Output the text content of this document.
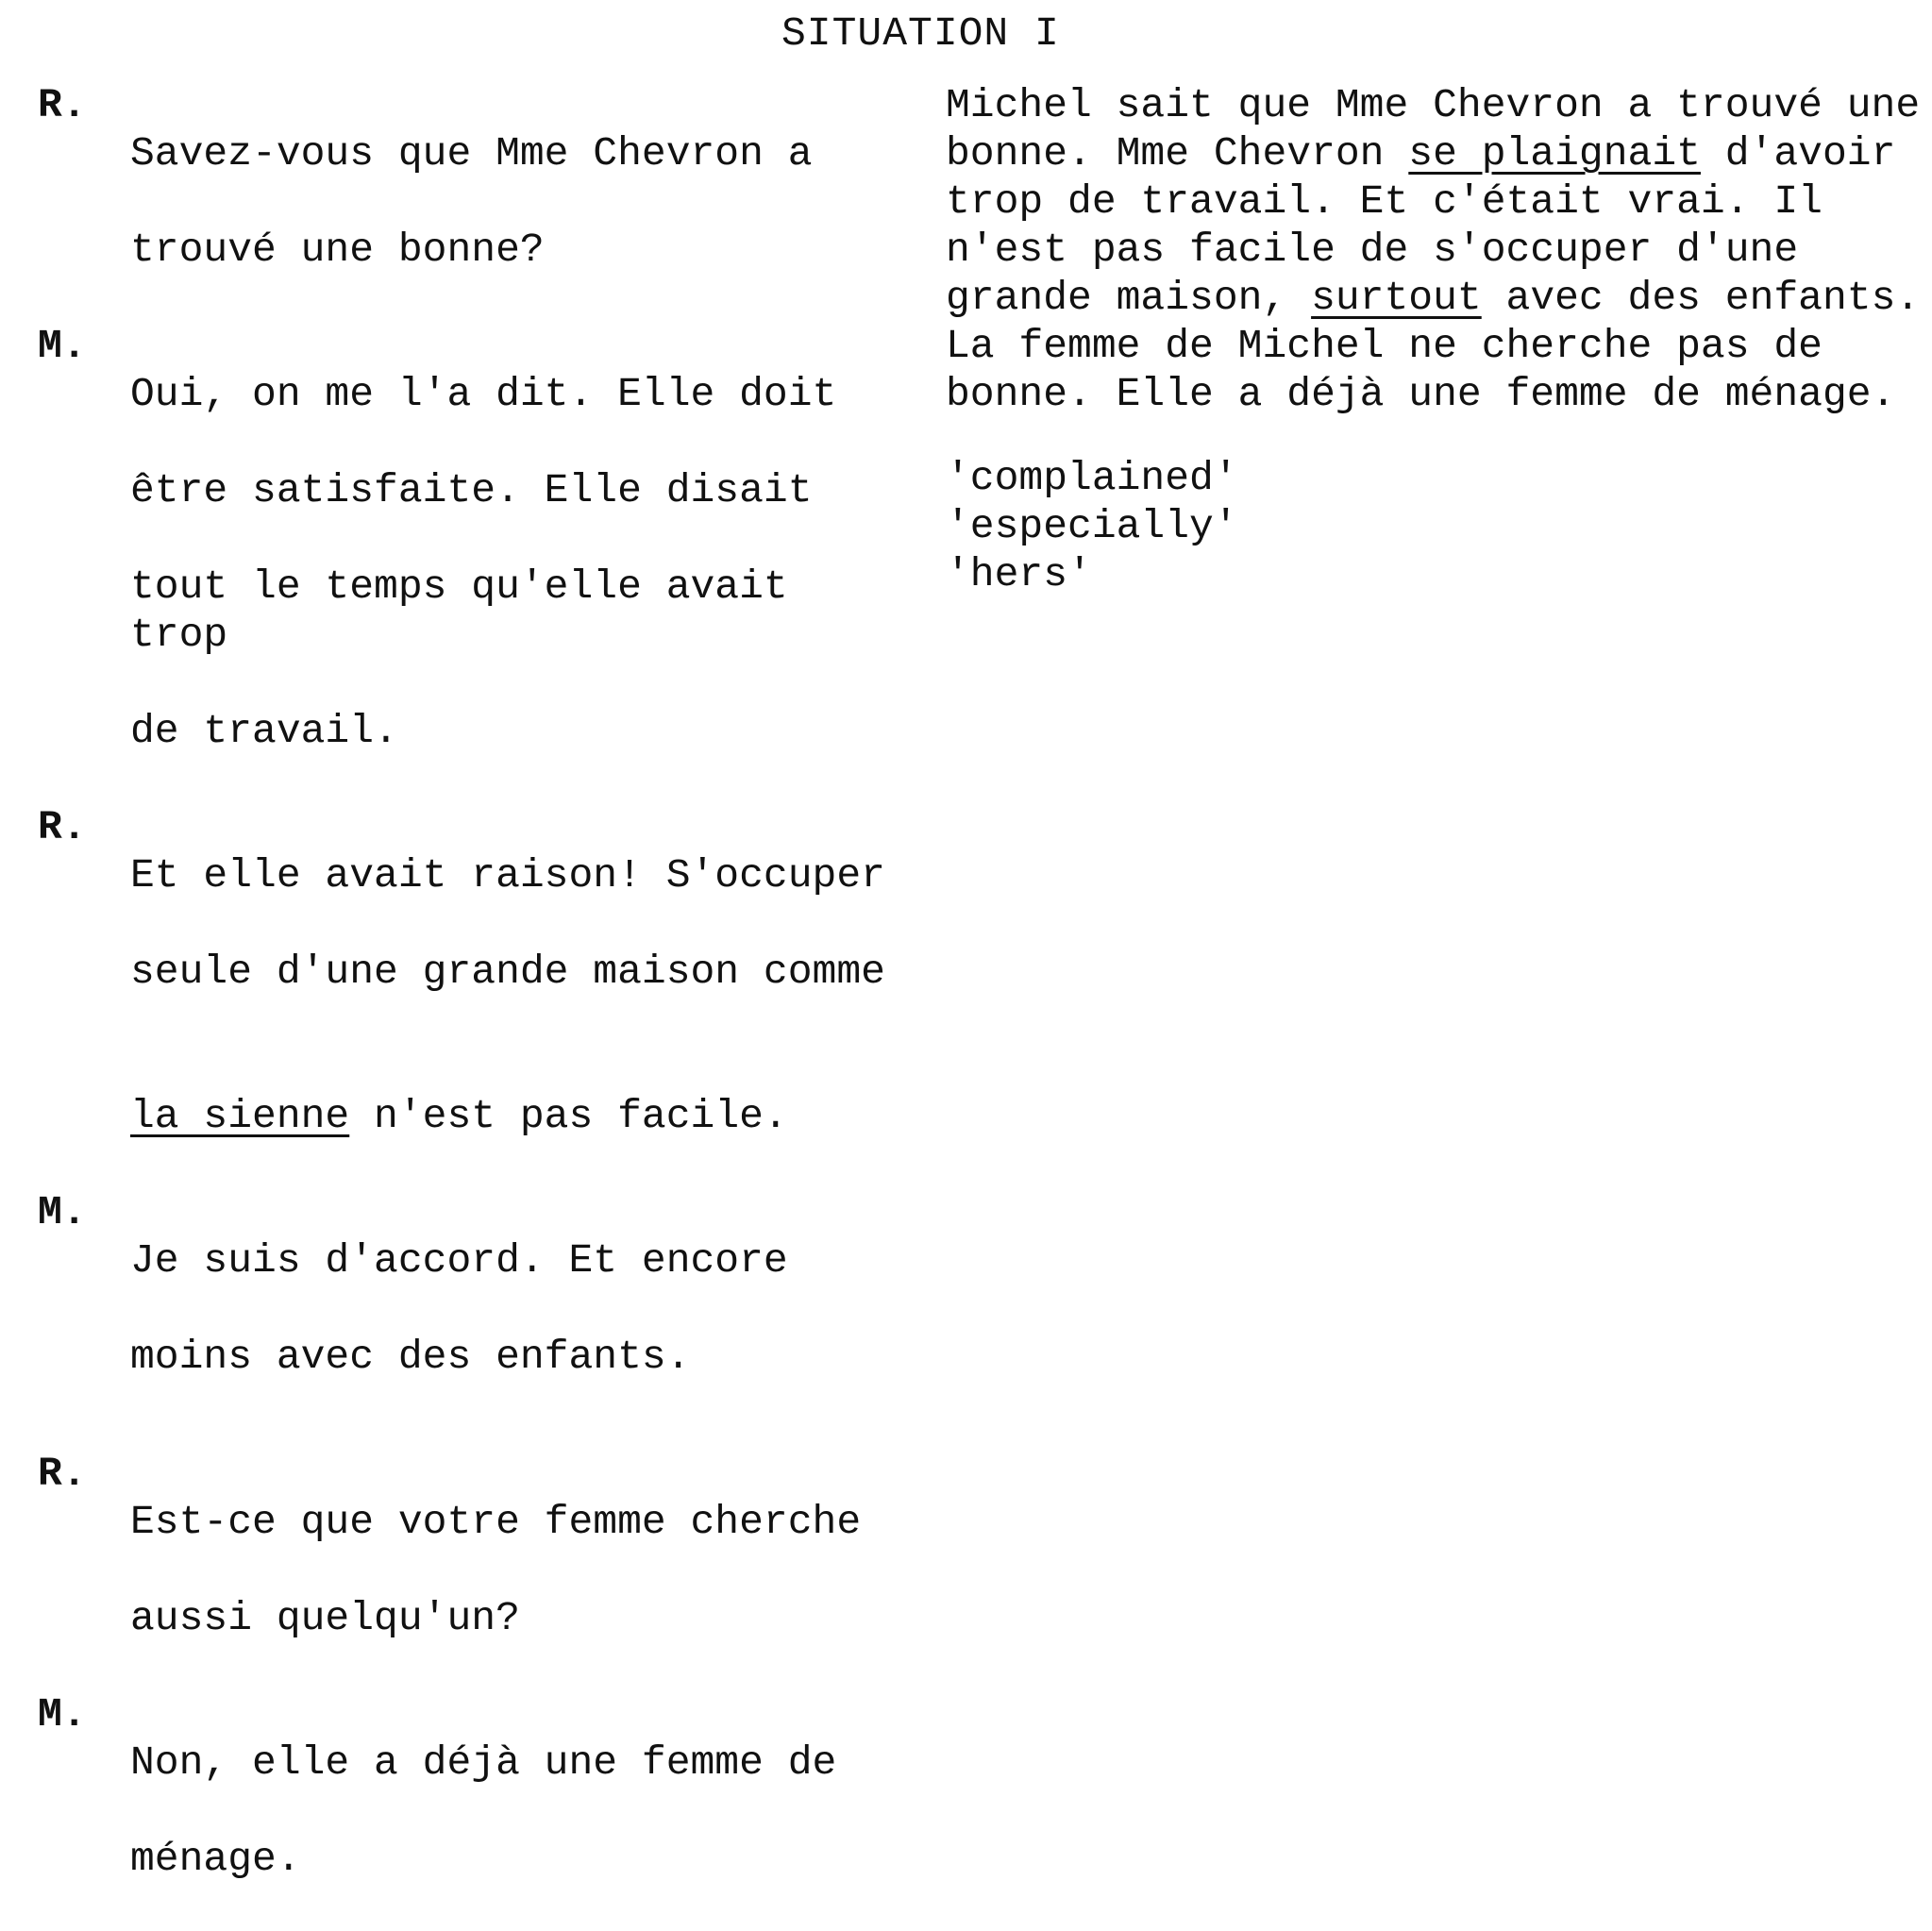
SITUATION I
R.

Savez-vous que Mme Chevron a

trouvé une bonne?

M.

Oui, on me l'a dit. Elle doit

être satisfaite. Elle disait

tout le temps qu'elle avait trop

de travail.

R.

Et elle avait raison! S'occuper

seule d'une grande maison comme

la sienne n'est pas facile.

M.

Je suis d'accord. Et encore

moins avec des enfants.

R.

Est-ce que votre femme cherche

aussi quelqu'un?

M.

Non, elle a déjà une femme de

ménage.

Michel sait que Mme Chevron a trouvé une
bonne. Mme Chevron se plaignait d'avoir
trop de travail. Et c'était vrai. Il
n'est pas facile de s'occuper d'une
grande maison, surtout avec des enfants.
La femme de Michel ne cherche pas de
bonne. Elle a déjà une femme de ménage.
'complained'
'especially'
'hers'
